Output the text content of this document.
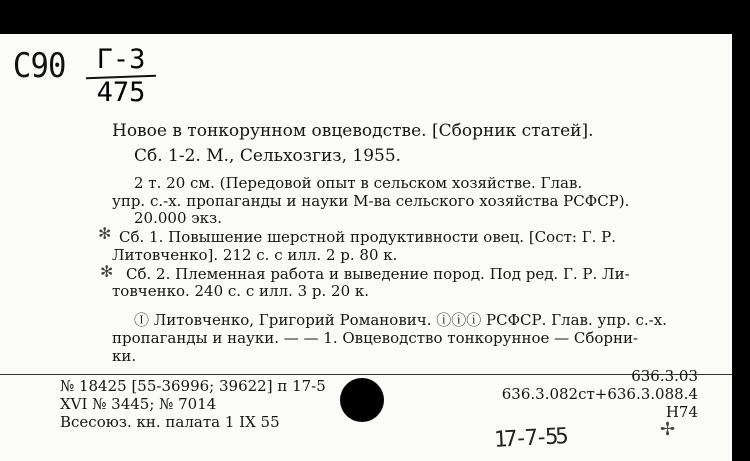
С90	Г-3
475
Новое в тонкорунном овцеводстве. [Сборник статей].
Сб. 1-2. М., Сельхозгиз, 1955.
2 т. 20 см. (Передовой опыт в сельском хозяйстве. Глав.
упр. с.-х. пропаганды и науки М-ва сельского хозяйства РСФСР).
20.000 экз.
Сб. 1. Повышение шерстной продуктивности овец. [Сост: Г. Р.
Литовченко]. 212 с. с илл. 2 р. 80 к.
Сб. 2. Племенная работа и выведение пород. Под ред. Г. Р. Ли-
товченко. 240 с. с илл. 3 р. 20 к.
Ⓘ Литовченко, Григорий Романович. ⓘⓘⓘ РСФСР. Глав. упр. с.-х.
пропаганды и науки. — — 1. Овцеводство тонкорунное — Сборни-
ки.
✻
✻
№ 18425 [55-36996; 39622] п 17-5
XVI № 3445; № 7014
Всесоюз. кн. палата 1 IX 55
636.3.03
636.3.082ст+636.3.088.4
Н74
17-7-55	✢
